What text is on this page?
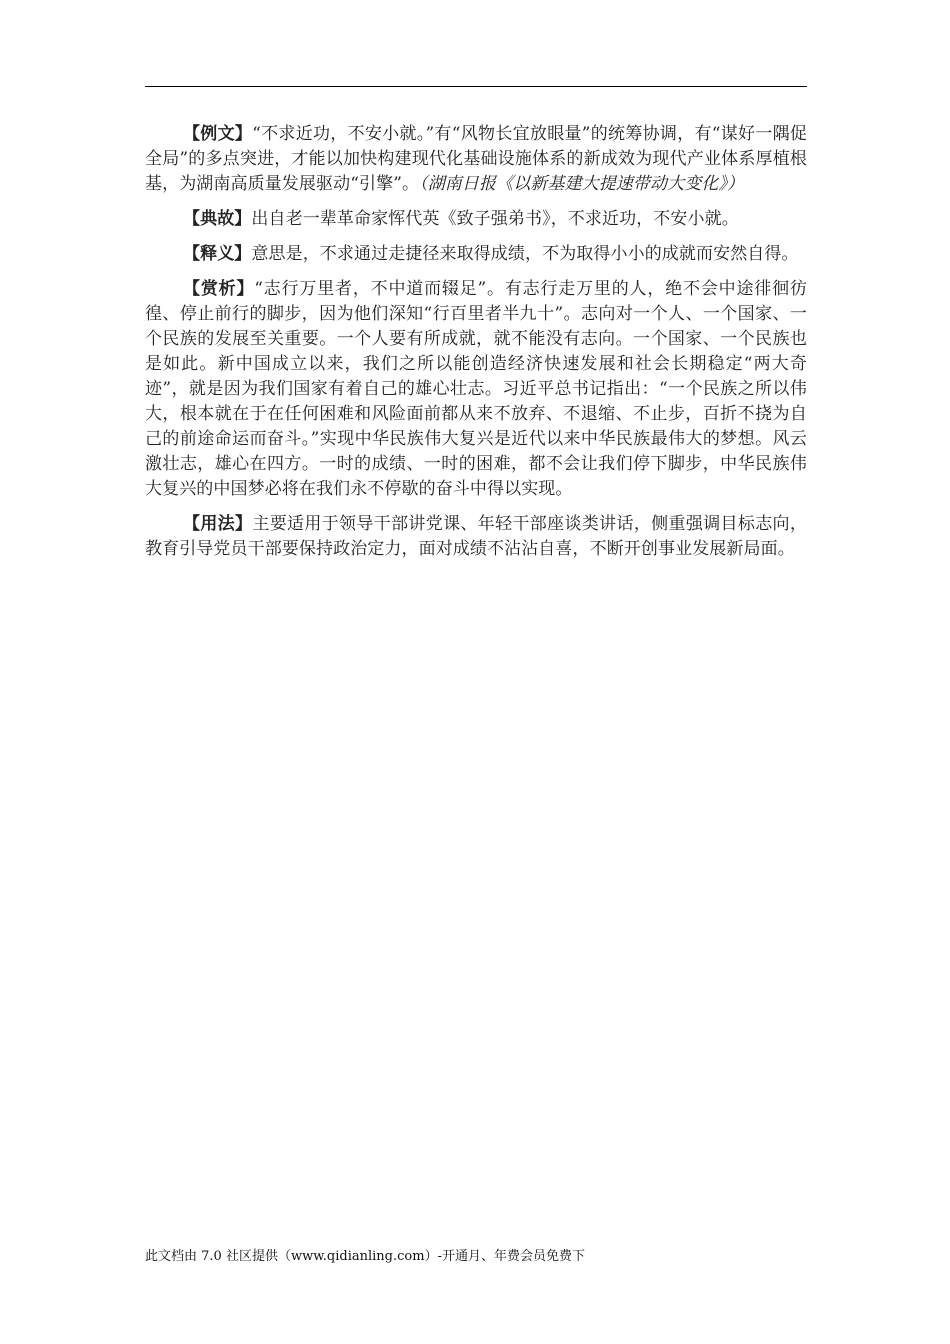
【例文】“不求近功，不安小就。”有“风物长宜放眼量”的统筹协调，有“谋好一隅促全局”的多点突进，才能以加快构建现代化基础设施体系的新成效为现代产业体系厚植根基，为湖南高质量发展驱动“引擎”。（湖南日报《以新基建大提速带动大变化》）

【典故】出自老一辈革命家恽代英《致子强弟书》，不求近功，不安小就。

【释义】意思是，不求通过走捷径来取得成绩，不为取得小小的成就而安然自得。

【赏析】“志行万里者，不中道而辍足”。有志行走万里的人，绝不会中途徘徊彷徨、停止前行的脚步，因为他们深知“行百里者半九十”。志向对一个人、一个国家、一个民族的发展至关重要。一个人要有所成就，就不能没有志向。一个国家、一个民族也是如此。新中国成立以来，我们之所以能创造经济快速发展和社会长期稳定“两大奇迹”，就是因为我们国家有着自己的雄心壮志。习近平总书记指出：“一个民族之所以伟大，根本就在于在任何困难和风险面前都从来不放弃、不退缩、不止步，百折不挠为自己的前途命运而奋斗。”实现中华民族伟大复兴是近代以来中华民族最伟大的梦想。风云激壮志，雄心在四方。一时的成绩、一时的困难，都不会让我们停下脚步，中华民族伟大复兴的中国梦必将在我们永不停歇的奋斗中得以实现。

【用法】主要适用于领导干部讲党课、年轻干部座谈类讲话，侧重强调目标志向，教育引导党员干部要保持政治定力，面对成绩不沾沾自喜，不断开创事业发展新局面。

此文档由 7.0 社区提供（www.qidianling.com）-开通月、年费会员免费下
